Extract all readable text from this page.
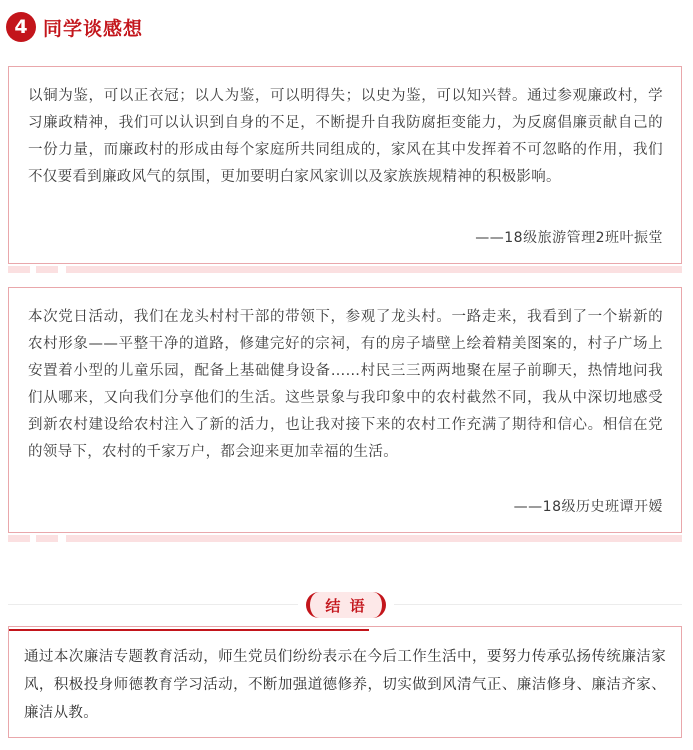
4 同学谈感想
以铜为鉴，可以正衣冠；以人为鉴，可以明得失；以史为鉴，可以知兴替。通过参观廉政村，学习廉政精神，我们可以认识到自身的不足，不断提升自我防腐拒变能力，为反腐倡廉贡献自己的一份力量，而廉政村的形成由每个家庭所共同组成的，家风在其中发挥着不可忽略的作用，我们不仅要看到廉政风气的氛围，更加要明白家风家训以及家族族规精神的积极影响。
——18级旅游管理2班叶振堂
本次党日活动，我们在龙头村村干部的带领下，参观了龙头村。一路走来，我看到了一个崭新的农村形象——平整干净的道路，修建完好的宗祠，有的房子墙壁上绘着精美图案的，村子广场上安置着小型的儿童乐园，配备上基础健身设备……村民三三两两地聚在屋子前聊天，热情地问我们从哪来，又向我们分享他们的生活。这些景象与我印象中的农村截然不同，我从中深切地感受到新农村建设给农村注入了新的活力，也让我对接下来的农村工作充满了期待和信心。相信在党的领导下，农村的千家万户，都会迎来更加幸福的生活。
——18级历史班谭开嫒
结 语
通过本次廉洁专题教育活动，师生党员们纷纷表示在今后工作生活中，要努力传承弘扬传统廉洁家风，积极投身师德教育学习活动，不断加强道德修养，切实做到风清气正、廉洁修身、廉洁齐家、廉洁从教。
